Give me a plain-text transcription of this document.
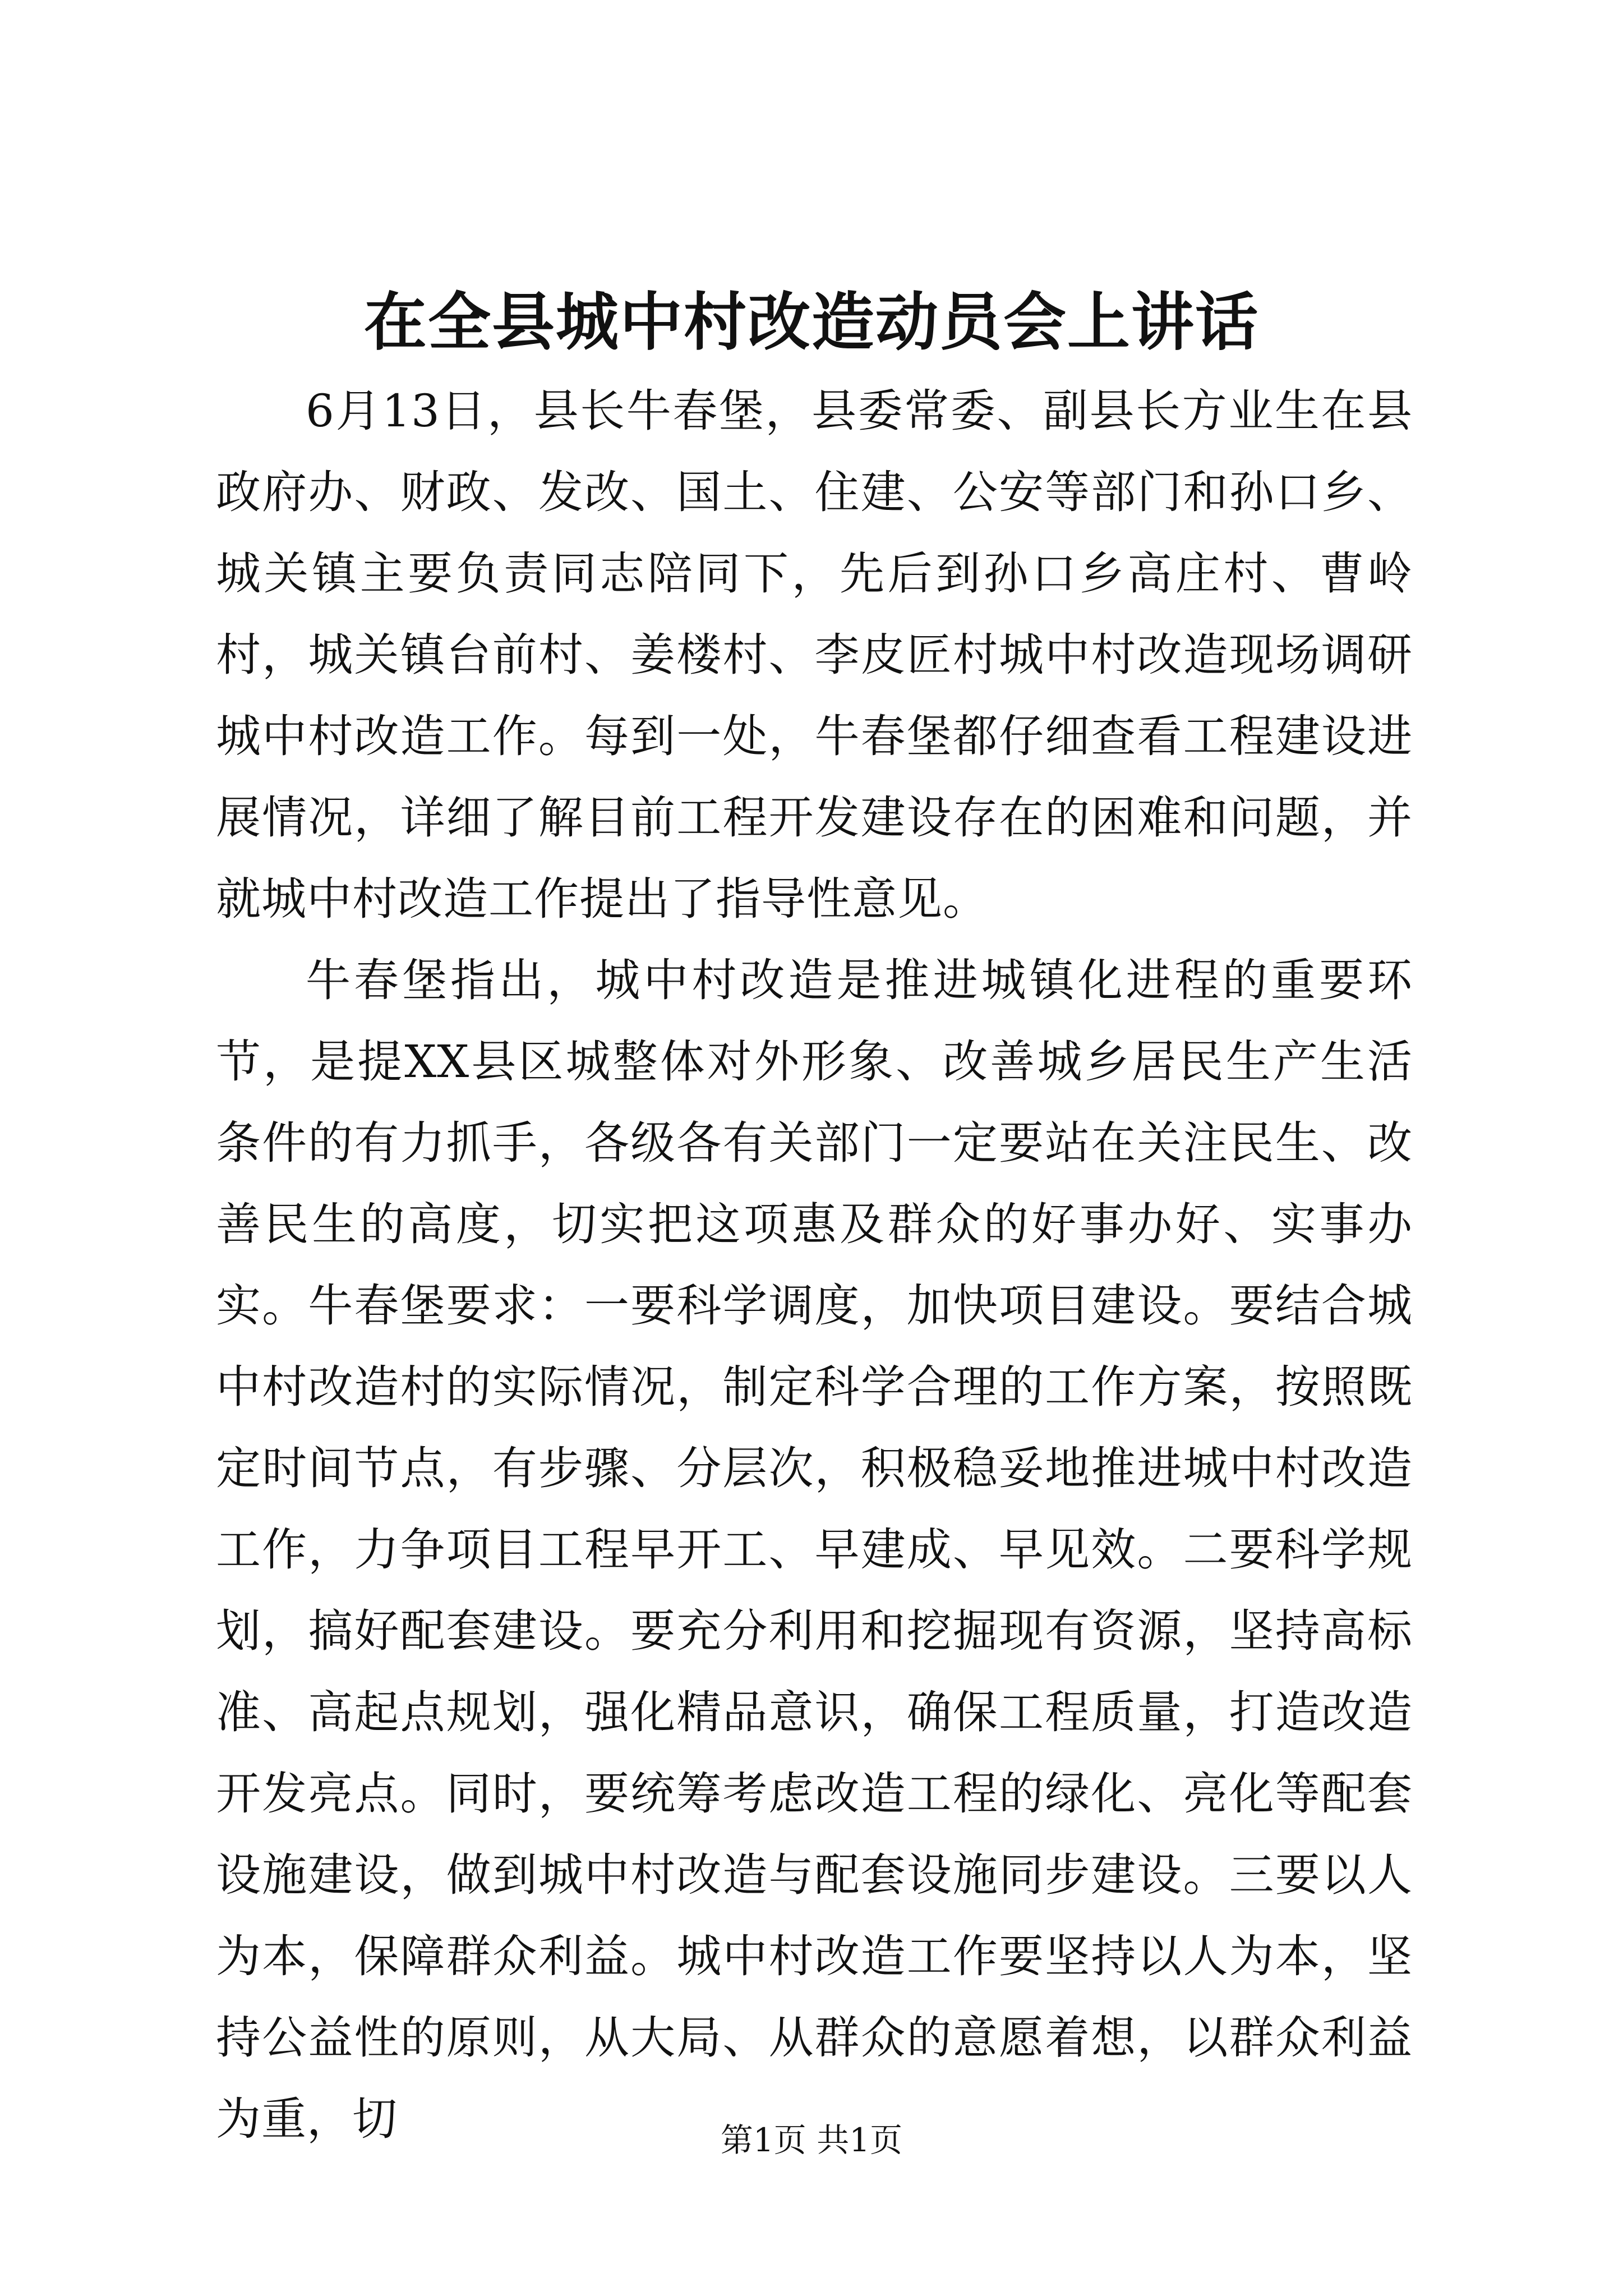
在全县城中村改造动员会上讲话

6月13日，县长牛春堡，县委常委、副县长方业生在县政府办、财政、发改、国土、住建、公安等部门和孙口乡、城关镇主要负责同志陪同下，先后到孙口乡高庄村、曹岭村，城关镇台前村、姜楼村、李皮匠村城中村改造现场调研城中村改造工作。每到一处，牛春堡都仔细查看工程建设进展情况，详细了解目前工程开发建设存在的困难和问题，并就城中村改造工作提出了指导性意见。

牛春堡指出，城中村改造是推进城镇化进程的重要环节，是提XX县区城整体对外形象、改善城乡居民生产生活条件的有力抓手，各级各有关部门一定要站在关注民生、改善民生的高度，切实把这项惠及群众的好事办好、实事办实。牛春堡要求：一要科学调度，加快项目建设。要结合城中村改造村的实际情况，制定科学合理的工作方案，按照既定时间节点，有步骤、分层次，积极稳妥地推进城中村改造工作，力争项目工程早开工、早建成、早见效。二要科学规划，搞好配套建设。要充分利用和挖掘现有资源，坚持高标准、高起点规划，强化精品意识，确保工程质量，打造改造开发亮点。同时，要统筹考虑改造工程的绿化、亮化等配套设施建设，做到城中村改造与配套设施同步建设。三要以人为本，保障群众利益。城中村改造工作要坚持以人为本，坚持公益性的原则，从大局、从群众的意愿着想，以群众利益为重，切	第1页 共1页
